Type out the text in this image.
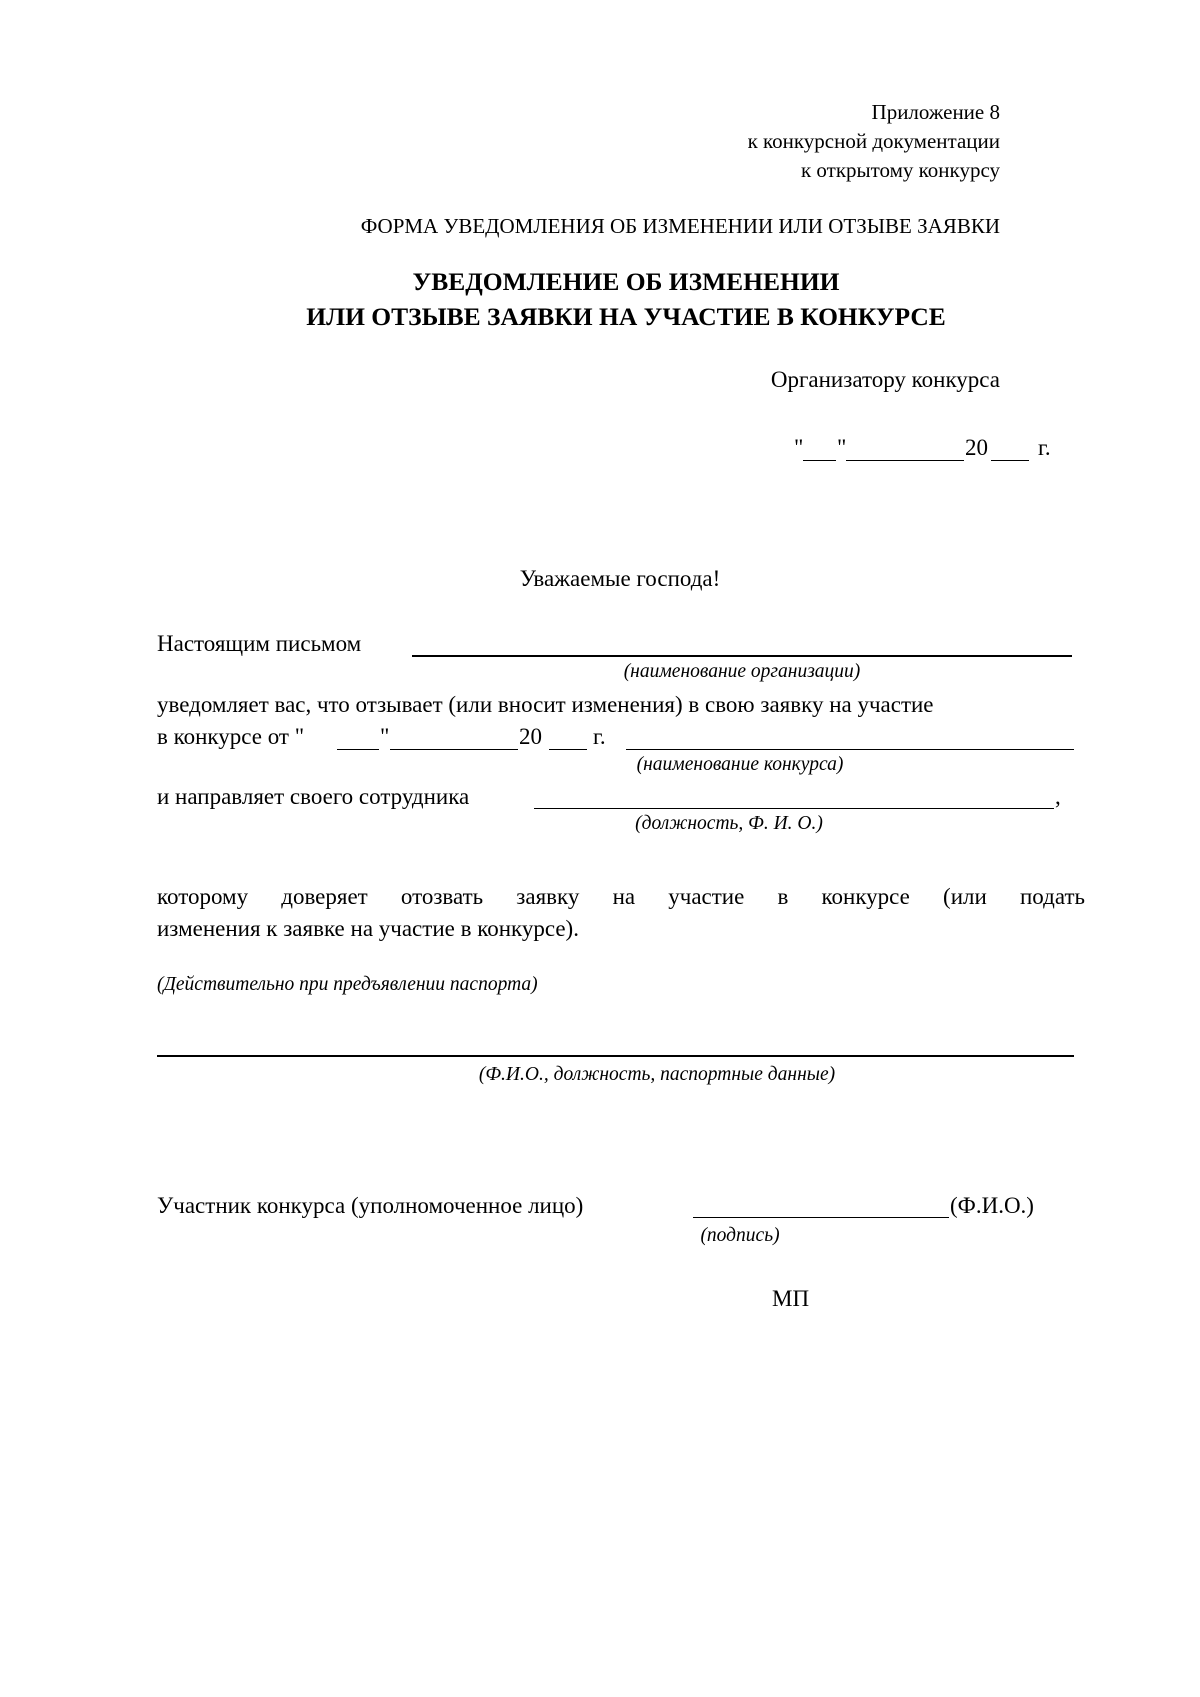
Приложение 8
к конкурсной документации
к открытому конкурсу
ФОРМА УВЕДОМЛЕНИЯ ОБ ИЗМЕНЕНИИ ИЛИ ОТЗЫВЕ ЗАЯВКИ
УВЕДОМЛЕНИЕ ОБ ИЗМЕНЕНИИ
ИЛИ ОТЗЫВЕ ЗАЯВКИ НА УЧАСТИЕ В КОНКУРСЕ
Организатору конкурса
" "	20 г.
Уважаемые господа!
Настоящим письмом
(наименование организации)
уведомляет вас, что отзывает (или вносит изменения) в свою заявку на участие
в конкурсе от "	"	20 г.
(наименование конкурса)
и направляет своего сотрудника	,
(должность, Ф. И. О.)
которому доверяет отозвать заявку на участие в конкурсе (или подать
изменения к заявке на участие в конкурсе).
(Действительно при предъявлении паспорта)
(Ф.И.О., должность, паспортные данные)
Участник конкурса (уполномоченное лицо)	(Ф.И.О.)
(подпись)
МП
